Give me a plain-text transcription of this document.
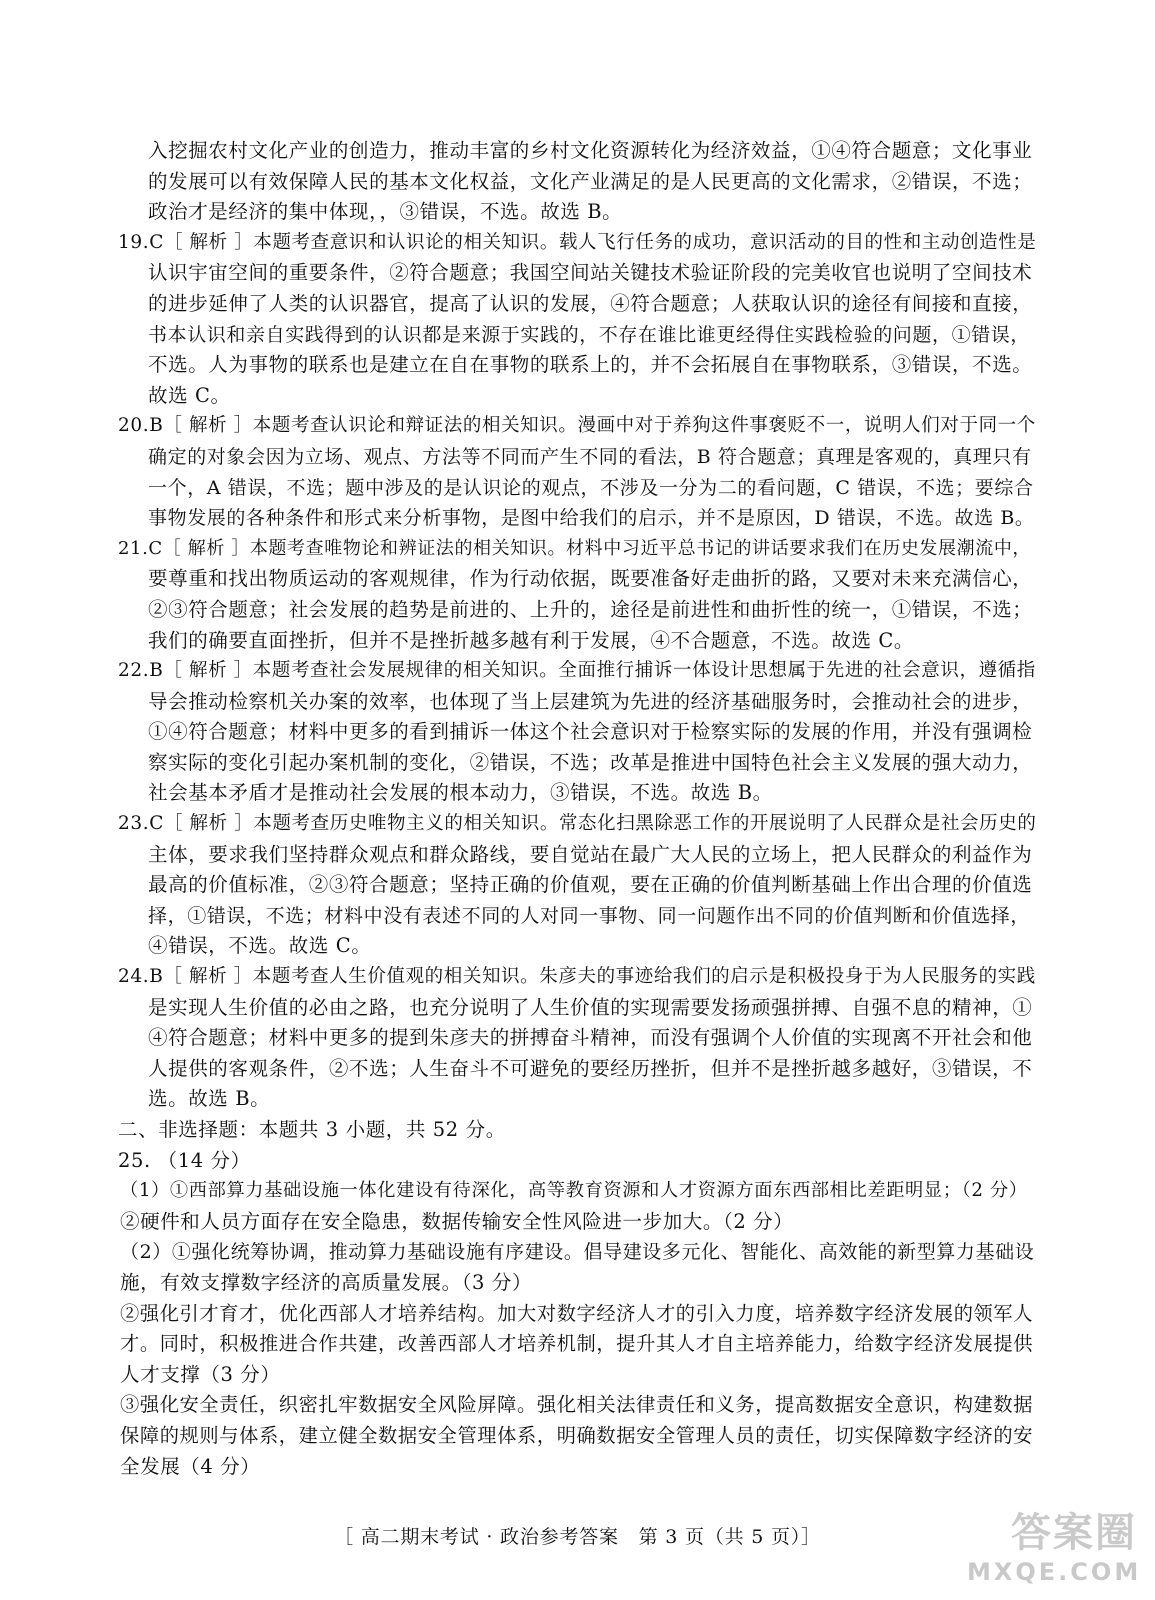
入挖掘农村文化产业的创造力，推动丰富的乡村文化资源转化为经济效益，①④符合题意；文化事业
的发展可以有效保障人民的基本文化权益，文化产业满足的是人民更高的文化需求，②错误，不选；
政治才是经济的集中体现，，③错误，不选。故选 B。
19.C［ 解析 ］本题考查意识和认识论的相关知识。载人飞行任务的成功，意识活动的目的性和主动创造性是
认识宇宙空间的重要条件，②符合题意；我国空间站关键技术验证阶段的完美收官也说明了空间技术
的进步延伸了人类的认识器官，提高了认识的发展，④符合题意；人获取认识的途径有间接和直接，
书本认识和亲自实践得到的认识都是来源于实践的，不存在谁比谁更经得住实践检验的问题，①错误，
不选。人为事物的联系也是建立在自在事物的联系上的，并不会拓展自在事物联系，③错误，不选。
故选 C。
20.B［ 解析 ］本题考查认识论和辩证法的相关知识。漫画中对于养狗这件事褒贬不一，说明人们对于同一个
确定的对象会因为立场、观点、方法等不同而产生不同的看法，B 符合题意；真理是客观的，真理只有
一个，A 错误，不选；题中涉及的是认识论的观点，不涉及一分为二的看问题，C 错误，不选；要综合
事物发展的各种条件和形式来分析事物，是图中给我们的启示，并不是原因，D 错误，不选。故选 B。
21.C［ 解析 ］本题考查唯物论和辨证法的相关知识。材料中习近平总书记的讲话要求我们在历史发展潮流中，
要尊重和找出物质运动的客观规律，作为行动依据，既要准备好走曲折的路，又要对未来充满信心，
②③符合题意；社会发展的趋势是前进的、上升的，途径是前进性和曲折性的统一，①错误，不选；
我们的确要直面挫折，但并不是挫折越多越有利于发展，④不合题意，不选。故选 C。
22.B［ 解析 ］本题考查社会发展规律的相关知识。全面推行捕诉一体设计思想属于先进的社会意识，遵循指
导会推动检察机关办案的效率，也体现了当上层建筑为先进的经济基础服务时，会推动社会的进步，
①④符合题意；材料中更多的看到捕诉一体这个社会意识对于检察实际的发展的作用，并没有强调检
察实际的变化引起办案机制的变化，②错误，不选；改革是推进中国特色社会主义发展的强大动力，
社会基本矛盾才是推动社会发展的根本动力，③错误，不选。故选 B。
23.C［ 解析 ］本题考查历史唯物主义的相关知识。常态化扫黑除恶工作的开展说明了人民群众是社会历史的
主体，要求我们坚持群众观点和群众路线，要自觉站在最广大人民的立场上，把人民群众的利益作为
最高的价值标准，②③符合题意；坚持正确的价值观，要在正确的价值判断基础上作出合理的价值选
择，①错误，不选；材料中没有表述不同的人对同一事物、同一问题作出不同的价值判断和价值选择，
④错误，不选。故选 C。
24.B［ 解析 ］本题考查人生价值观的相关知识。朱彦夫的事迹给我们的启示是积极投身于为人民服务的实践
是实现人生价值的必由之路，也充分说明了人生价值的实现需要发扬顽强拼搏、自强不息的精神，①
④符合题意；材料中更多的提到朱彦夫的拼搏奋斗精神，而没有强调个人价值的实现离不开社会和他
人提供的客观条件，②不选；人生奋斗不可避免的要经历挫折，但并不是挫折越多越好，③错误，不
选。故选 B。
二、非选择题：本题共 3 小题，共 52 分。
25. （14 分）
（1）①西部算力基础设施一体化建设有待深化，高等教育资源和人才资源方面东西部相比差距明显；（2 分）
②硬件和人员方面存在安全隐患，数据传输安全性风险进一步加大。（2 分）
（2）①强化统筹协调，推动算力基础设施有序建设。倡导建设多元化、智能化、高效能的新型算力基础设
施，有效支撑数字经济的高质量发展。（3 分）
②强化引才育才，优化西部人才培养结构。加大对数字经济人才的引入力度，培养数字经济发展的领军人
才。同时，积极推进合作共建，改善西部人才培养机制，提升其人才自主培养能力，给数字经济发展提供
人才支撑（3 分）
③强化安全责任，织密扎牢数据安全风险屏障。强化相关法律责任和义务，提高数据安全意识，构建数据
保障的规则与体系，建立健全数据安全管理体系，明确数据安全管理人员的责任，切实保障数字经济的安
全发展（4 分）
［ 高二期末考试 · 政治参考答案　第 3 页（共 5 页）］	答案圈
MXQE.COM
